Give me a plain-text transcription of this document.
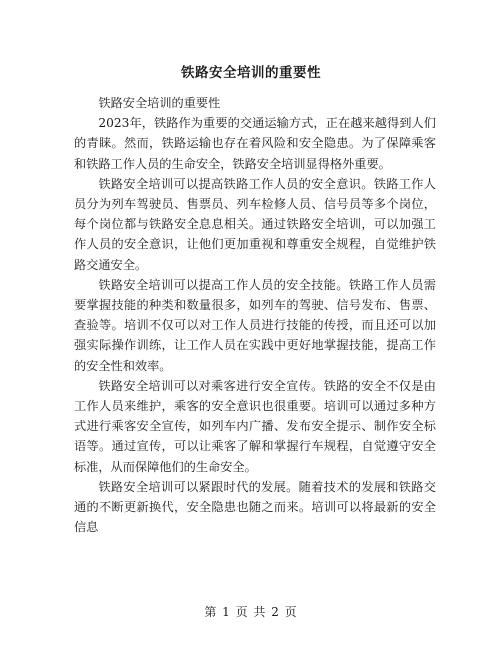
铁路安全培训的重要性

铁路安全培训的重要性

2023年，铁路作为重要的交通运输方式，正在越来越得到人们的青睐。然而，铁路运输也存在着风险和安全隐患。为了保障乘客和铁路工作人员的生命安全，铁路安全培训显得格外重要。

铁路安全培训可以提高铁路工作人员的安全意识。铁路工作人员分为列车驾驶员、售票员、列车检修人员、信号员等多个岗位，每个岗位都与铁路安全息息相关。通过铁路安全培训，可以加强工作人员的安全意识，让他们更加重视和尊重安全规程，自觉维护铁路交通安全。

铁路安全培训可以提高工作人员的安全技能。铁路工作人员需要掌握技能的种类和数量很多，如列车的驾驶、信号发布、售票、查验等。培训不仅可以对工作人员进行技能的传授，而且还可以加强实际操作训练，让工作人员在实践中更好地掌握技能，提高工作的安全性和效率。

铁路安全培训可以对乘客进行安全宣传。铁路的安全不仅是由工作人员来维护，乘客的安全意识也很重要。培训可以通过多种方式进行乘客安全宣传，如列车内广播、发布安全提示、制作安全标语等。通过宣传，可以让乘客了解和掌握行车规程，自觉遵守安全标准，从而保障他们的生命安全。

铁路安全培训可以紧跟时代的发展。随着技术的发展和铁路交通的不断更新换代，安全隐患也随之而来。培训可以将最新的安全信息

第 1 页 共 2 页
